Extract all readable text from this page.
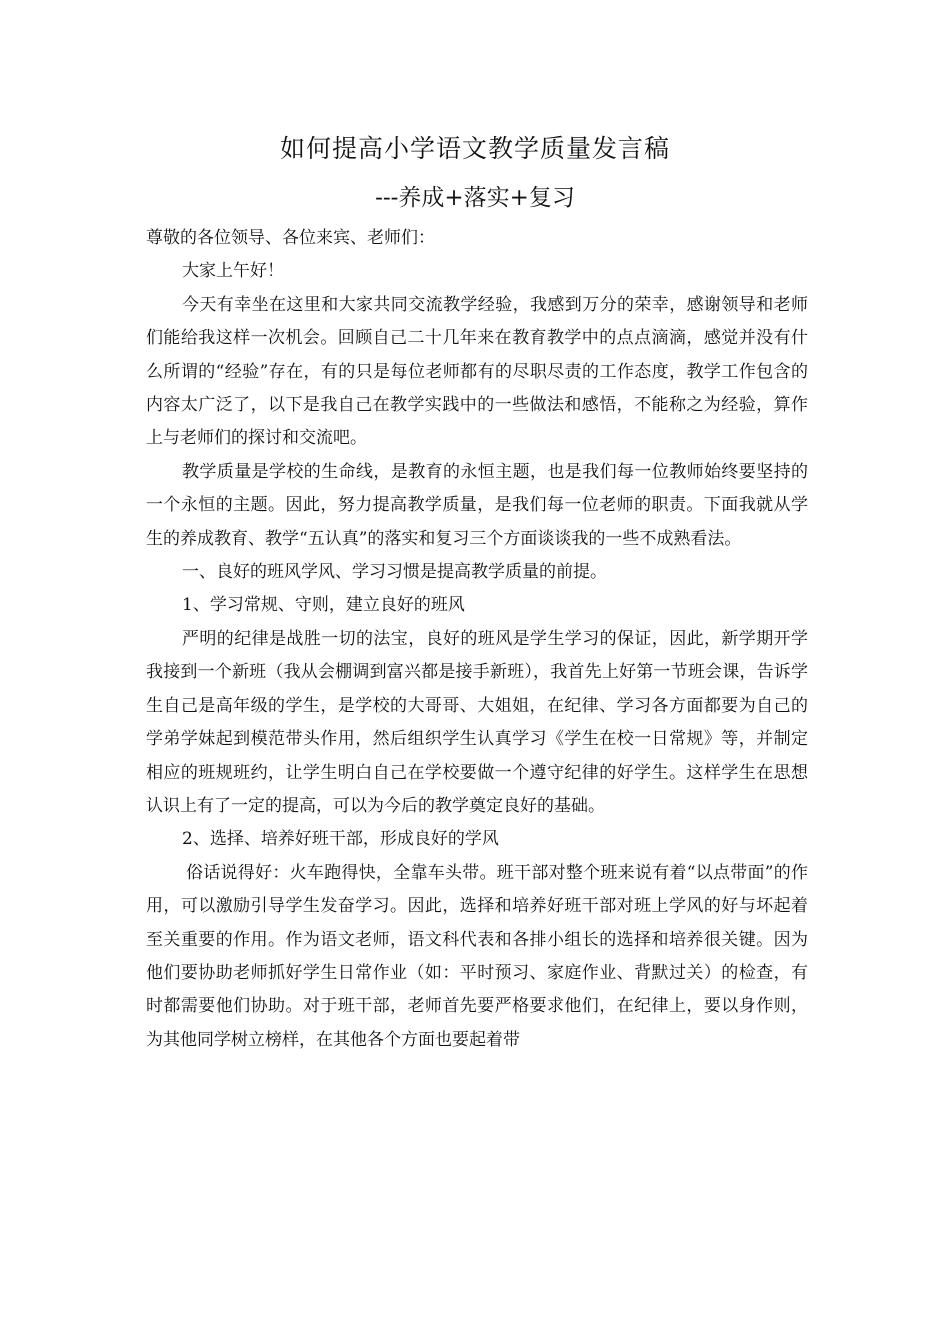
如何提高小学语文教学质量发言稿
---养成+落实+复习

尊敬的各位领导、各位来宾、老师们：

大家上午好！

今天有幸坐在这里和大家共同交流教学经验，我感到万分的荣幸，感谢领导和老师们能给我这样一次机会。回顾自己二十几年来在教育教学中的点点滴滴，感觉并没有什么所谓的“经验”存在，有的只是每位老师都有的尽职尽责的工作态度，教学工作包含的内容太广泛了，以下是我自己在教学实践中的一些做法和感悟，不能称之为经验，算作上与老师们的探讨和交流吧。

教学质量是学校的生命线，是教育的永恒主题，也是我们每一位教师始终要坚持的一个永恒的主题。因此，努力提高教学质量，是我们每一位老师的职责。下面我就从学生的养成教育、教学“五认真”的落实和复习三个方面谈谈我的一些不成熟看法。

一、良好的班风学风、学习习惯是提高教学质量的前提。

1、学习常规、守则，建立良好的班风

严明的纪律是战胜一切的法宝，良好的班风是学生学习的保证，因此，新学期开学我接到一个新班（我从会棚调到富兴都是接手新班），我首先上好第一节班会课，告诉学生自己是高年级的学生，是学校的大哥哥、大姐姐，在纪律、学习各方面都要为自己的学弟学妹起到模范带头作用，然后组织学生认真学习《学生在校一日常规》等，并制定相应的班规班约，让学生明白自己在学校要做一个遵守纪律的好学生。这样学生在思想认识上有了一定的提高，可以为今后的教学奠定良好的基础。

2、选择、培养好班干部，形成良好的学风

俗话说得好：火车跑得快，全靠车头带。班干部对整个班来说有着“以点带面”的作用，可以激励引导学生发奋学习。因此，选择和培养好班干部对班上学风的好与坏起着至关重要的作用。作为语文老师，语文科代表和各排小组长的选择和培养很关键。因为他们要协助老师抓好学生日常作业（如：平时预习、家庭作业、背默过关）的检查，有时都需要他们协助。对于班干部，老师首先要严格要求他们，在纪律上，要以身作则，为其他同学树立榜样，在其他各个方面也要起着带
